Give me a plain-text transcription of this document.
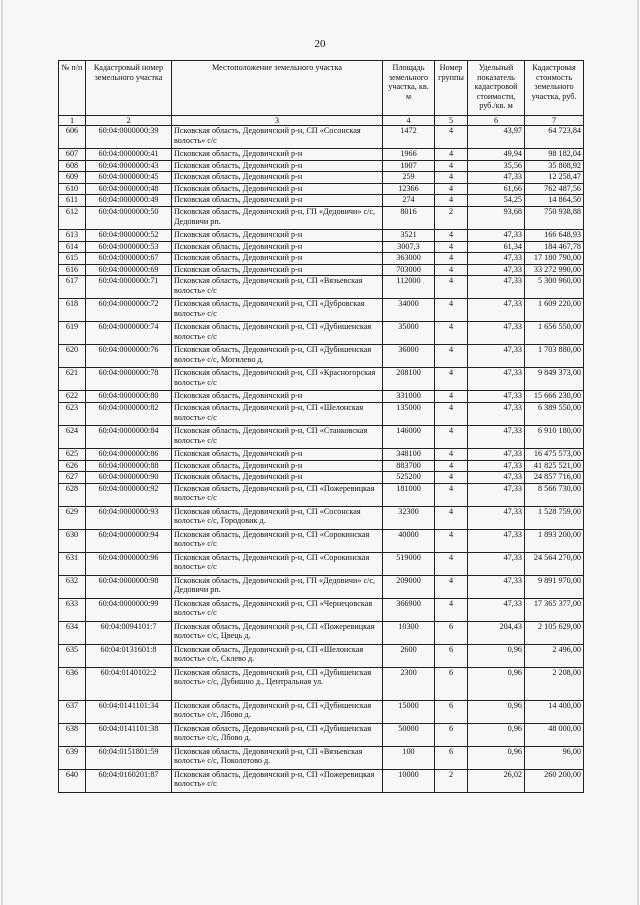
20
№ п/п	Кадастровый номер земельного участка	Местоположение земельного участка	Площадь земельного участка, кв. м	Номер группы	Удельный показатель кадастровой стоимости, руб./кв. м	Кадастровая стоимость земельного участка, руб.
1	2	3	4	5	6	7
606	60:04:0000000:39	Псковская область, Дедовичский р-н, СП «Сосонская волость» с/с	1472	4	43,97	64 723,84
607	60:04:0000000:41	Псковская область, Дедовичский р-н	1966	4	49,94	98 182,04
608	60:04:0000000:43	Псковская область, Дедовичский р-н	1007	4	35,56	35 808,92
609	60:04:0000000:45	Псковская область, Дедовичский р-н	259	4	47,33	12 258,47
610	60:04:0000000:48	Псковская область, Дедовичский р-н	12366	4	61,66	762 487,56
611	60:04:0000000:49	Псковская область, Дедовичский р-н	274	4	54,25	14 864,50
612	60:04:0000000:50	Псковская область, Дедовичский р-н, ГП «Дедовичи» с/с, Дедовичи рп.	8016	2	93,68	750 938,88
613	60:04:0000000:52	Псковская область, Дедовичский р-н	3521	4	47,33	166 648,93
614	60:04:0000000:53	Псковская область, Дедовичский р-н	3007,3	4	61,34	184 467,78
615	60:04:0000000:67	Псковская область, Дедовичский р-н	363000	4	47,33	17 180 790,00
616	60:04:0000000:69	Псковская область, Дедовичский р-н	703000	4	47,33	33 272 990,00
617	60:04:0000000:71	Псковская область, Дедовичский р-н, СП «Вязьевская волость» с/с	112000	4	47,33	5 300 960,00
618	60:04:0000000:72	Псковская область, Дедовичский р-н, СП «Дубровская волость» с/с	34000	4	47,33	1 609 220,00
619	60:04:0000000:74	Псковская область, Дедовичский р-н, СП «Дубишенская волость» с/с	35000	4	47,33	1 656 550,00
620	60:04:0000000:76	Псковская область, Дедовичский р-н, СП «Дубишенская волость» с/с, Могилево д.	36000	4	47,33	1 703 880,00
621	60:04:0000000:78	Псковская область, Дедовичский р-н, СП «Красногорская волость» с/с	208100	4	47,33	9 849 373,00
622	60:04:0000000:80	Псковская область, Дедовичский р-н	331000	4	47,33	15 666 230,00
623	60:04:0000000:82	Псковская область, Дедовичский р-н, СП «Шелонская волость» с/с	135000	4	47,33	6 389 550,00
624	60:04:0000000:84	Псковская область, Дедовичский р-н, СП «Станковская волость» с/с	146000	4	47,33	6 910 180,00
625	60:04:0000000:86	Псковская область, Дедовичский р-н	348100	4	47,33	16 475 573,00
626	60:04:0000000:88	Псковская область, Дедовичский р-н	883700	4	47,33	41 825 521,00
627	60:04:0000000:90	Псковская область, Дедовичский р-н	525200	4	47,33	24 857 716,00
628	60:04:0000000:92	Псковская область, Дедовичский р-н, СП «Пожеревицкая волость» с/с	181000	4	47,33	8 566 730,00
629	60:04:0000000:93	Псковская область, Дедовичский р-н, СП «Сосонская волость» с/с, Городовик д.	32300	4	47,33	1 528 759,00
630	60:04:0000000:94	Псковская область, Дедовичский р-н, СП «Сорокинская волость» с/с	40000	4	47,33	1 893 200,00
631	60:04:0000000:96	Псковская область, Дедовичский р-н, СП «Сорокинская волость» с/с	519000	4	47,33	24 564 270,00
632	60:04:0000000:98	Псковская область, Дедовичский р-н, ГП «Дедовичи» с/с, Дедовичи рп.	209000	4	47,33	9 891 970,00
633	60:04:0000000:99	Псковская область, Дедовичский р-н, СП «Чернецовская волость» с/с	366900	4	47,33	17 365 377,00
634	60:04:0094101:7	Псковская область, Дедовичский р-н, СП «Пожеревицкая волость» с/с, Цвець д.	10300	6	204,43	2 105 629,00
635	60:04:0131601:8	Псковская область, Дедовичский р-н, СП «Шелонская волость» с/с, Склево д.	2600	6	0,96	2 496,00
636	60:04:0140102:2	Псковская область, Дедовичский р-н, СП «Дубишенская волость» с/с, Дубишно д., Центральная ул.	2300	6	0,96	2 208,00
637	60:04:0141101:34	Псковская область, Дедовичский р-н, СП «Дубишенская волость» с/с, Лбово д.	15000	6	0,96	14 400,00
638	60:04:0141101:38	Псковская область, Дедовичский р-н, СП «Дубишенская волость» с/с, Лбово д.	50000	6	0,96	48 000,00
639	60:04:0151801:59	Псковская область, Дедовичский р-н, СП «Вязьевская волость» с/с, Поколотово д.	100	6	0,96	96,00
640	60:04:0160201:87	Псковская область, Дедовичский р-н, СП «Пожеревицкая волость» с/с	10000	2	26,02	260 200,00
